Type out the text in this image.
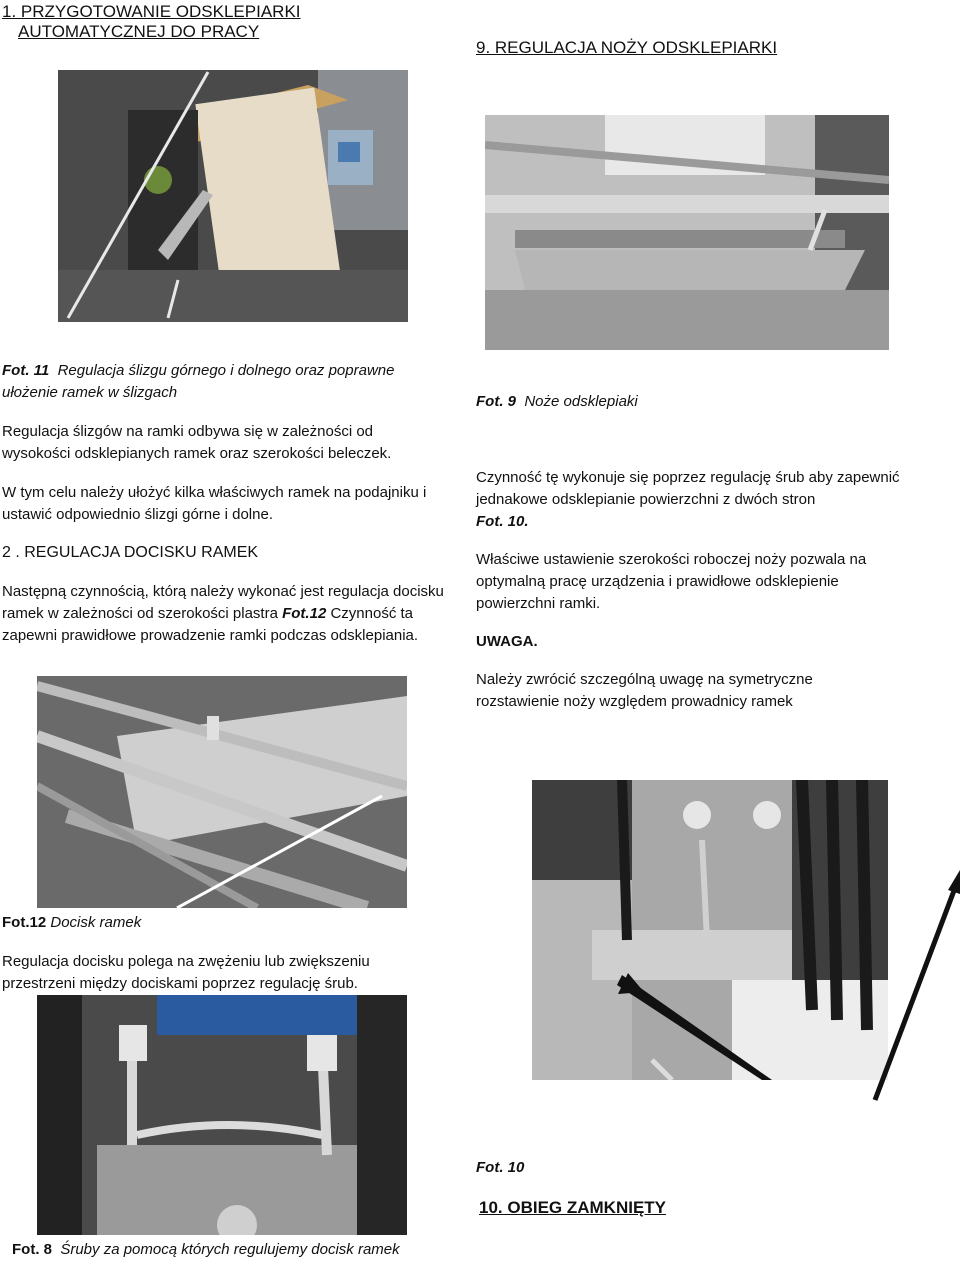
1. PRZYGOTOWANIE ODSKLEPIARKI
AUTOMATYCZNEJ DO PRACY
Fot. 11 Regulacja ślizgu górnego i dolnego oraz poprawne ułożenie ramek w ślizgach
Regulacja ślizgów na ramki odbywa się w zależności od wysokości odsklepianych ramek oraz szerokości beleczek.
W tym celu należy ułożyć kilka właściwych ramek na podajniku i ustawić odpowiednio ślizgi górne i dolne.
2 . REGULACJA DOCISKU RAMEK
Następną czynnością, którą należy wykonać jest regulacja docisku ramek w zależności od szerokości plastra Fot.12 Czynność ta zapewni prawidłowe prowadzenie ramki podczas odsklepiania.
Fot.12 Docisk ramek
Regulacja docisku polega na zwężeniu lub zwiększeniu przestrzeni między dociskami poprzez regulację śrub.
Fot. 8 Śruby za pomocą których regulujemy docisk ramek
9. REGULACJA NOŻY ODSKLEPIARKI
Fot. 9 Noże odsklepiaki
Czynność tę wykonuje się poprzez regulację śrub aby zapewnić jednakowe odsklepianie powierzchni z dwóch stron
Fot. 10.
Właściwe ustawienie szerokości roboczej noży pozwala na optymalną pracę urządzenia i prawidłowe odsklepienie powierzchni ramki.
UWAGA.
Należy zwrócić szczególną uwagę na symetryczne rozstawienie noży względem prowadnicy ramek
Fot. 10
10. OBIEG ZAMKNIĘTY
